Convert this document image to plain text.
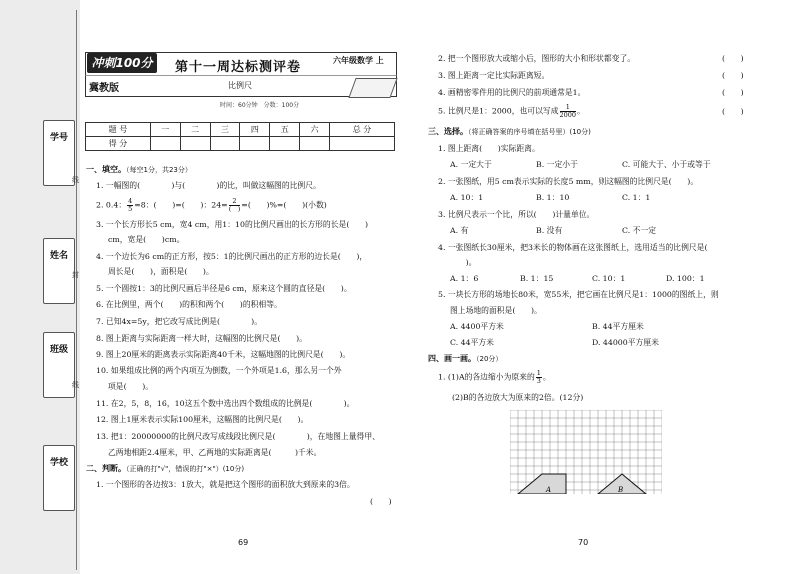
学号
姓名
班级
学校
线
封
线
冲刺100分	第十一周达标测评卷	六年级数学 上
冀教版	比例尺
时间：60分钟　分数：100分
题 号	一	二	三	四	五	六	总 分
得 分							
一、填空。（每空1分，共23分）
1. 一幅图的(　　　　)与(　　　　)的比，叫做这幅图的比例尺。
2. 0.4： $\frac{4}{5}=8$：(　　)=(　　)：$24= \frac{2}{( )}=$(　　)%=(　　)(小数)
3. 一个长方形长5 cm，宽4 cm，用1：10的比例尺画出的长方形的长是(　　)
cm，宽是(　　)cm。
4. 一个边长为6 cm的正方形，按5：1的比例尺画出的正方形的边长是(　　)，
周长是(　　)，面积是(　　)。
5. 一个圆按1：3的比例尺画后半径是6 cm，原来这个圆的直径是(　　)。
6. 在比例里，两个(　　)的积和两个(　　)的积相等。
7. 已知4x=5y，把它改写成比例是(　　　　)。
8. 图上距离与实际距离一样大时，这幅图的比例尺是(　　)。
9. 图上20厘米的距离表示实际距离40千米，这幅地图的比例尺是(　　)。
10. 如果组成比例的两个内项互为倒数，一个外项是1.6，那么另一个外
项是(　　)。
11. 在2，5，8，16，10这五个数中选出四个数组成的比例是(　　　　)。
12. 图上1厘米表示实际100厘米，这幅图的比例尺是(　　)。
13. 把1：20000000的比例尺改写成线段比例尺是(　　　　)，在地图上量得甲、
乙两地相距2.4厘米，甲、乙两地的实际距离是(　　　)千米。
二、判断。（正确的打"√"，错误的打"×"）(10分)
1. 一个图形的各边按3：1放大，就是把这个图形的面积放大到原来的3倍。
(　　)
69
2. 把一个图形放大或缩小后，图形的大小和形状都变了。	(　　)
3. 图上距离一定比实际距离短。	(　　)
4. 画精密零件用的比例尺的前项通常是1。	(　　)
5. 比例尺是1：2000，也可以写成 $\frac{1}{2000}$。	(　　)
三、选择。（将正确答案的序号填在括号里）(10分)
1. 图上距离(　　)实际距离。
A. 一定大于	B. 一定小于	C. 可能大于、小于或等于
2. 一张图纸，用5 cm表示实际的长度5 mm，则这幅图的比例尺是(　　)。
A. 10：1	B. 1：10	C. 1：1
3. 比例尺表示一个比，所以(　　)计量单位。
A. 有	B. 没有	C. 不一定
4. 一张图纸长30厘米，把3米长的物体画在这张图纸上，选用适当的比例尺是(
　　)。
A. 1：6	B. 1：15	C. 10：1	D. 100：1
5. 一块长方形的场地长80米，宽55米，把它画在比例尺是1：1000的图纸上，则
图上场地的面积是(　　)。
A. 4400平方米	B. 44平方厘米
C. 44平方米	D. 44000平方厘米
四、画一画。（20分）
1. (1)A的各边缩小为原来的 $\frac{1}{3}$。
(2)B的各边放大为原来的2倍。(12分)
A	B
70
